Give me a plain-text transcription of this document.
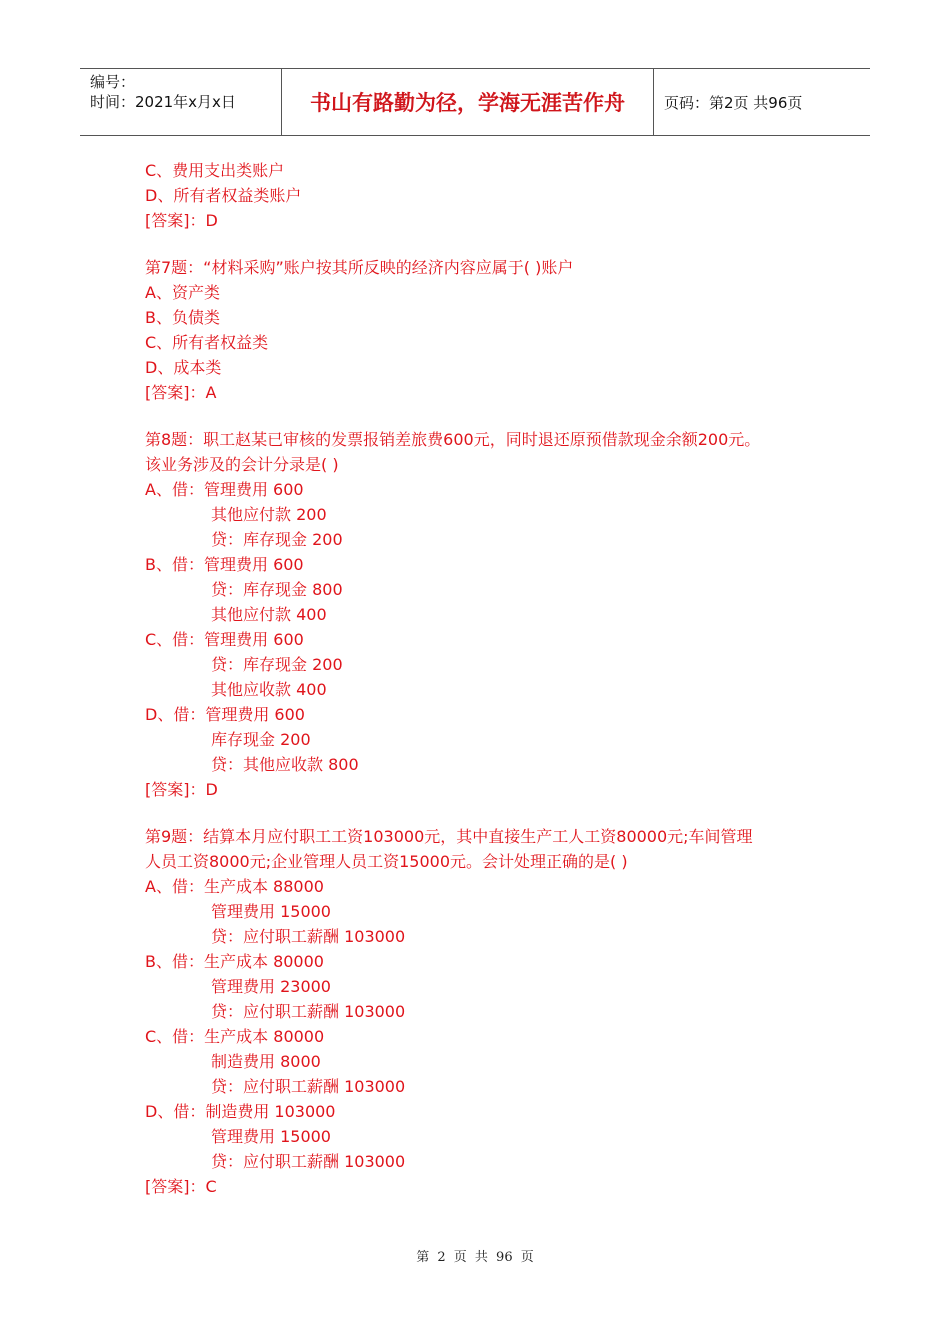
编号：
时间：2021年x月x日	书山有路勤为径，学海无涯苦作舟	页码：第2页 共96页
C、费用支出类账户
D、所有者权益类账户
[答案]：D
第7题：“材料采购”账户按其所反映的经济内容应属于( )账户
A、资产类
B、负债类
C、所有者权益类
D、成本类
[答案]：A
第8题：职工赵某已审核的发票报销差旅费600元，同时退还原预借款现金余额200元。
该业务涉及的会计分录是( )
A、借：管理费用 600
其他应付款 200
贷：库存现金 200
B、借：管理费用 600
贷：库存现金 800
其他应付款 400
C、借：管理费用 600
贷：库存现金 200
其他应收款 400
D、借：管理费用 600
库存现金 200
贷：其他应收款 800
[答案]：D
第9题：结算本月应付职工工资103000元，其中直接生产工人工资80000元;车间管理
人员工资8000元;企业管理人员工资15000元。会计处理正确的是( )
A、借：生产成本 88000
管理费用 15000
贷：应付职工薪酬 103000
B、借：生产成本 80000
管理费用 23000
贷：应付职工薪酬 103000
C、借：生产成本 80000
制造费用 8000
贷：应付职工薪酬 103000
D、借：制造费用 103000
管理费用 15000
贷：应付职工薪酬 103000
[答案]：C
第 2 页 共 96 页
